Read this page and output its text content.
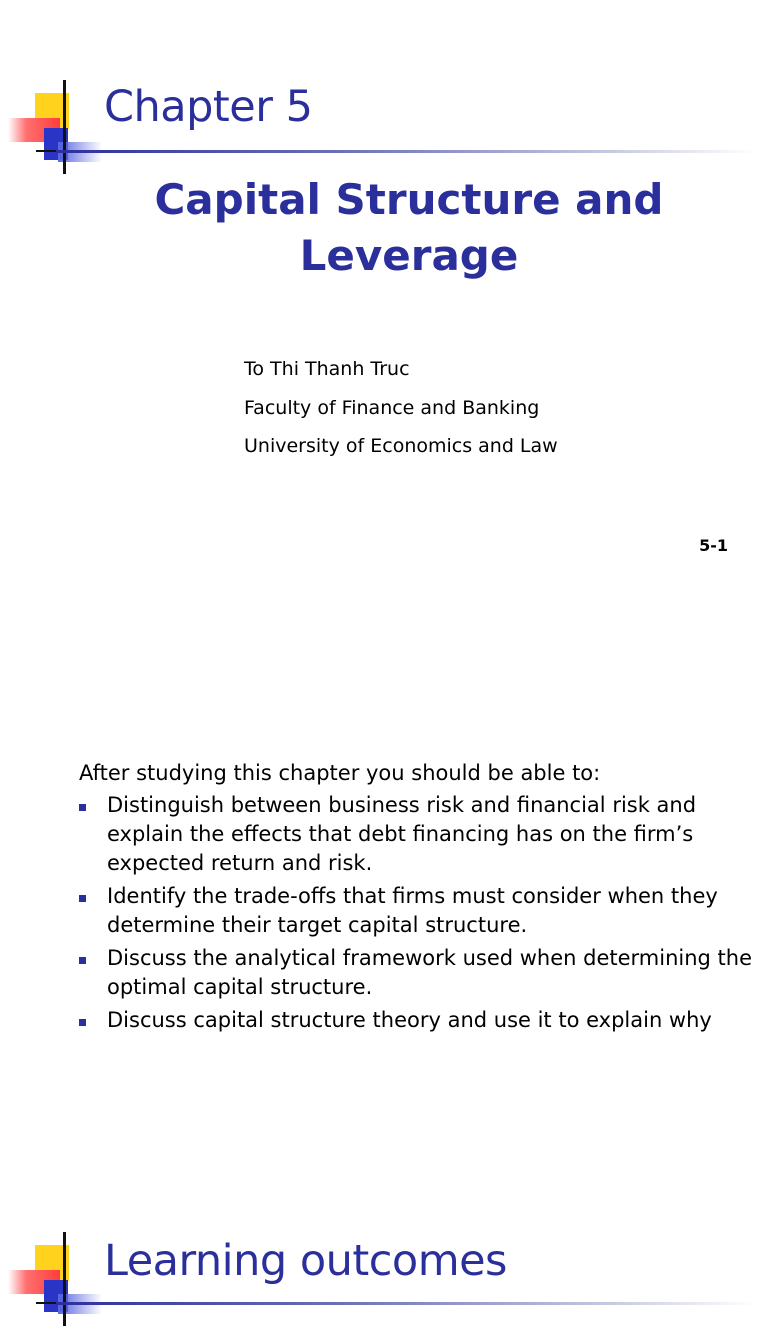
Chapter 5
Capital Structure and
Leverage
To Thi Thanh Truc
Faculty of Finance and Banking
University of Economics and Law
5-1
Learning outcomes
After studying this chapter you should be able to:
Distinguish between business risk and financial risk and explain the effects that debt financing has on the firm’s expected return and risk.
Identify the trade-offs that firms must consider when they determine their target capital structure.
Discuss the analytical framework used when determining the optimal capital structure.
Discuss capital structure theory and use it to explain why
